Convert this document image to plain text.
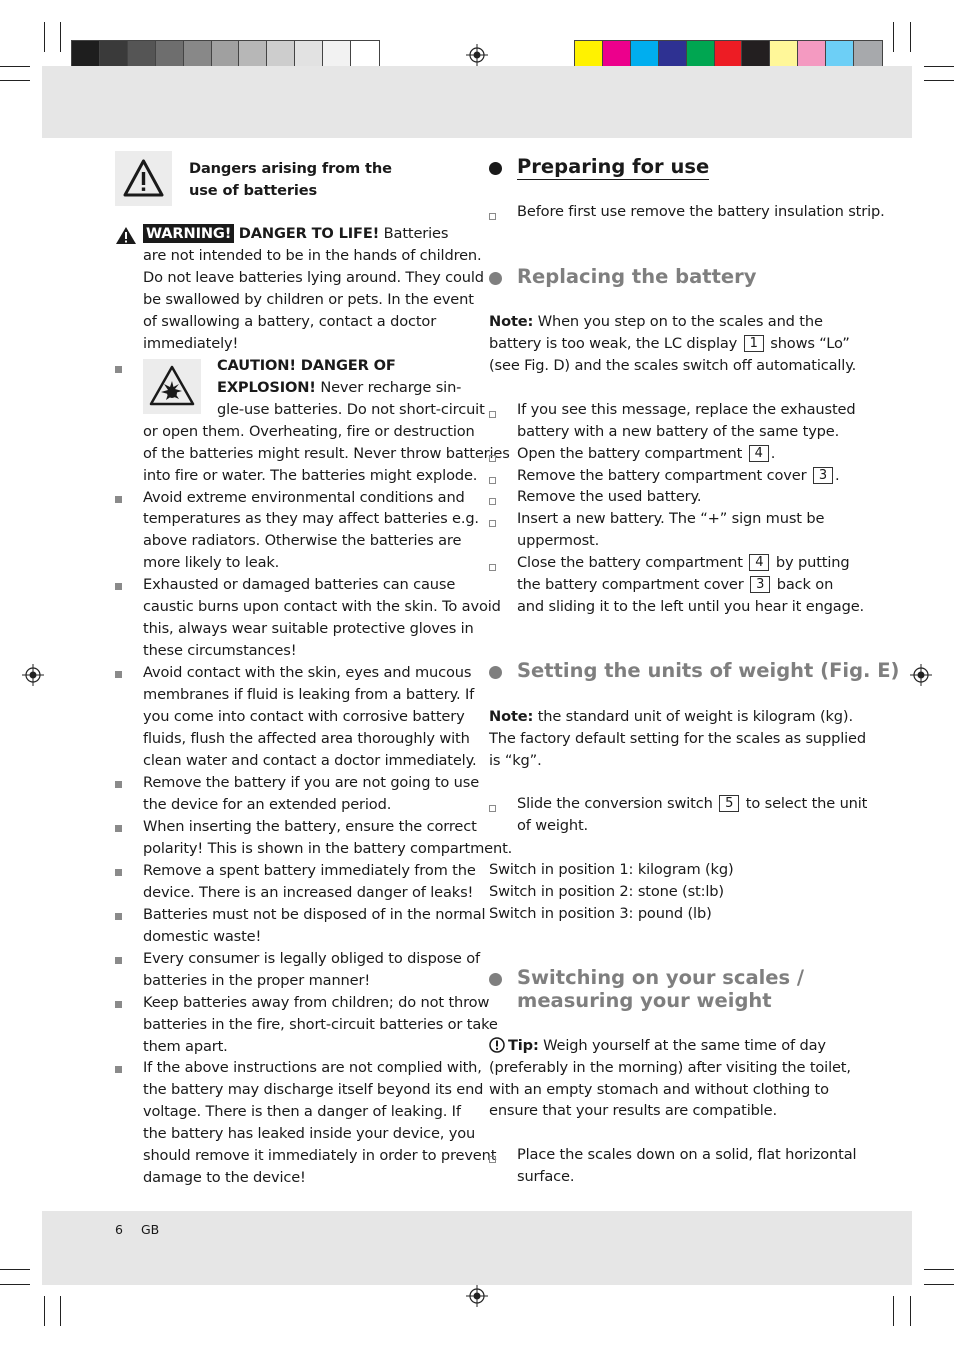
Dangers arising from the
use of batteries
WARNING! DANGER TO LIFE! Batteries
are not intended to be in the hands of children.
Do not leave batteries lying around. They could
be swallowed by children or pets. In the event
of swallowing a battery, contact a doctor
immediately!
CAUTION! DANGER OF
EXPLOSION! Never recharge sin-
gle-use batteries. Do not short-circuit
or open them. Overheating, fire or destruction
of the batteries might result. Never throw batteries
into fire or water. The batteries might explode.
Avoid extreme environmental conditions and
temperatures as they may affect batteries e.g.
above radiators. Otherwise the batteries are
more likely to leak.
Exhausted or damaged batteries can cause
caustic burns upon contact with the skin. To avoid
this, always wear suitable protective gloves in
these circumstances!
Avoid contact with the skin, eyes and mucous
membranes if fluid is leaking from a battery. If
you come into contact with corrosive battery
fluids, flush the affected area thoroughly with
clean water and contact a doctor immediately.
Remove the battery if you are not going to use
the device for an extended period.
When inserting the battery, ensure the correct
polarity! This is shown in the battery compartment.
Remove a spent battery immediately from the
device. There is an increased danger of leaks!
Batteries must not be disposed of in the normal
domestic waste!
Every consumer is legally obliged to dispose of
batteries in the proper manner!
Keep batteries away from children; do not throw
batteries in the fire, short-circuit batteries or take
them apart.
If the above instructions are not complied with,
the battery may discharge itself beyond its end
voltage. There is then a danger of leaking. If
the battery has leaked inside your device, you
should remove it immediately in order to prevent
damage to the device!
Preparing for use
Before first use remove the battery insulation strip.
Replacing the battery
Note: When you step on to the scales and the
battery is too weak, the LC display 1 shows “Lo”
(see Fig. D) and the scales switch off automatically.
If you see this message, replace the exhausted
battery with a new battery of the same type.
Open the battery compartment 4 .
Remove the battery compartment cover 3 .
Remove the used battery.
Insert a new battery. The “+” sign must be
uppermost.
Close the battery compartment 4 by putting
the battery compartment cover 3 back on
and sliding it to the left until you hear it engage.
Setting the units of weight (Fig. E)
Note: the standard unit of weight is kilogram (kg).
The factory default setting for the scales as supplied
is “kg”.
Slide the conversion switch 5 to select the unit
of weight.
Switch in position 1: kilogram (kg)
Switch in position 2: stone (st:lb)
Switch in position 3: pound (lb)
Switching on your scales /
measuring your weight
Tip: Weigh yourself at the same time of day
(preferably in the morning) after visiting the toilet,
with an empty stomach and without clothing to
ensure that your results are compatible.
Place the scales down on a solid, flat horizontal
surface.
6 GB
